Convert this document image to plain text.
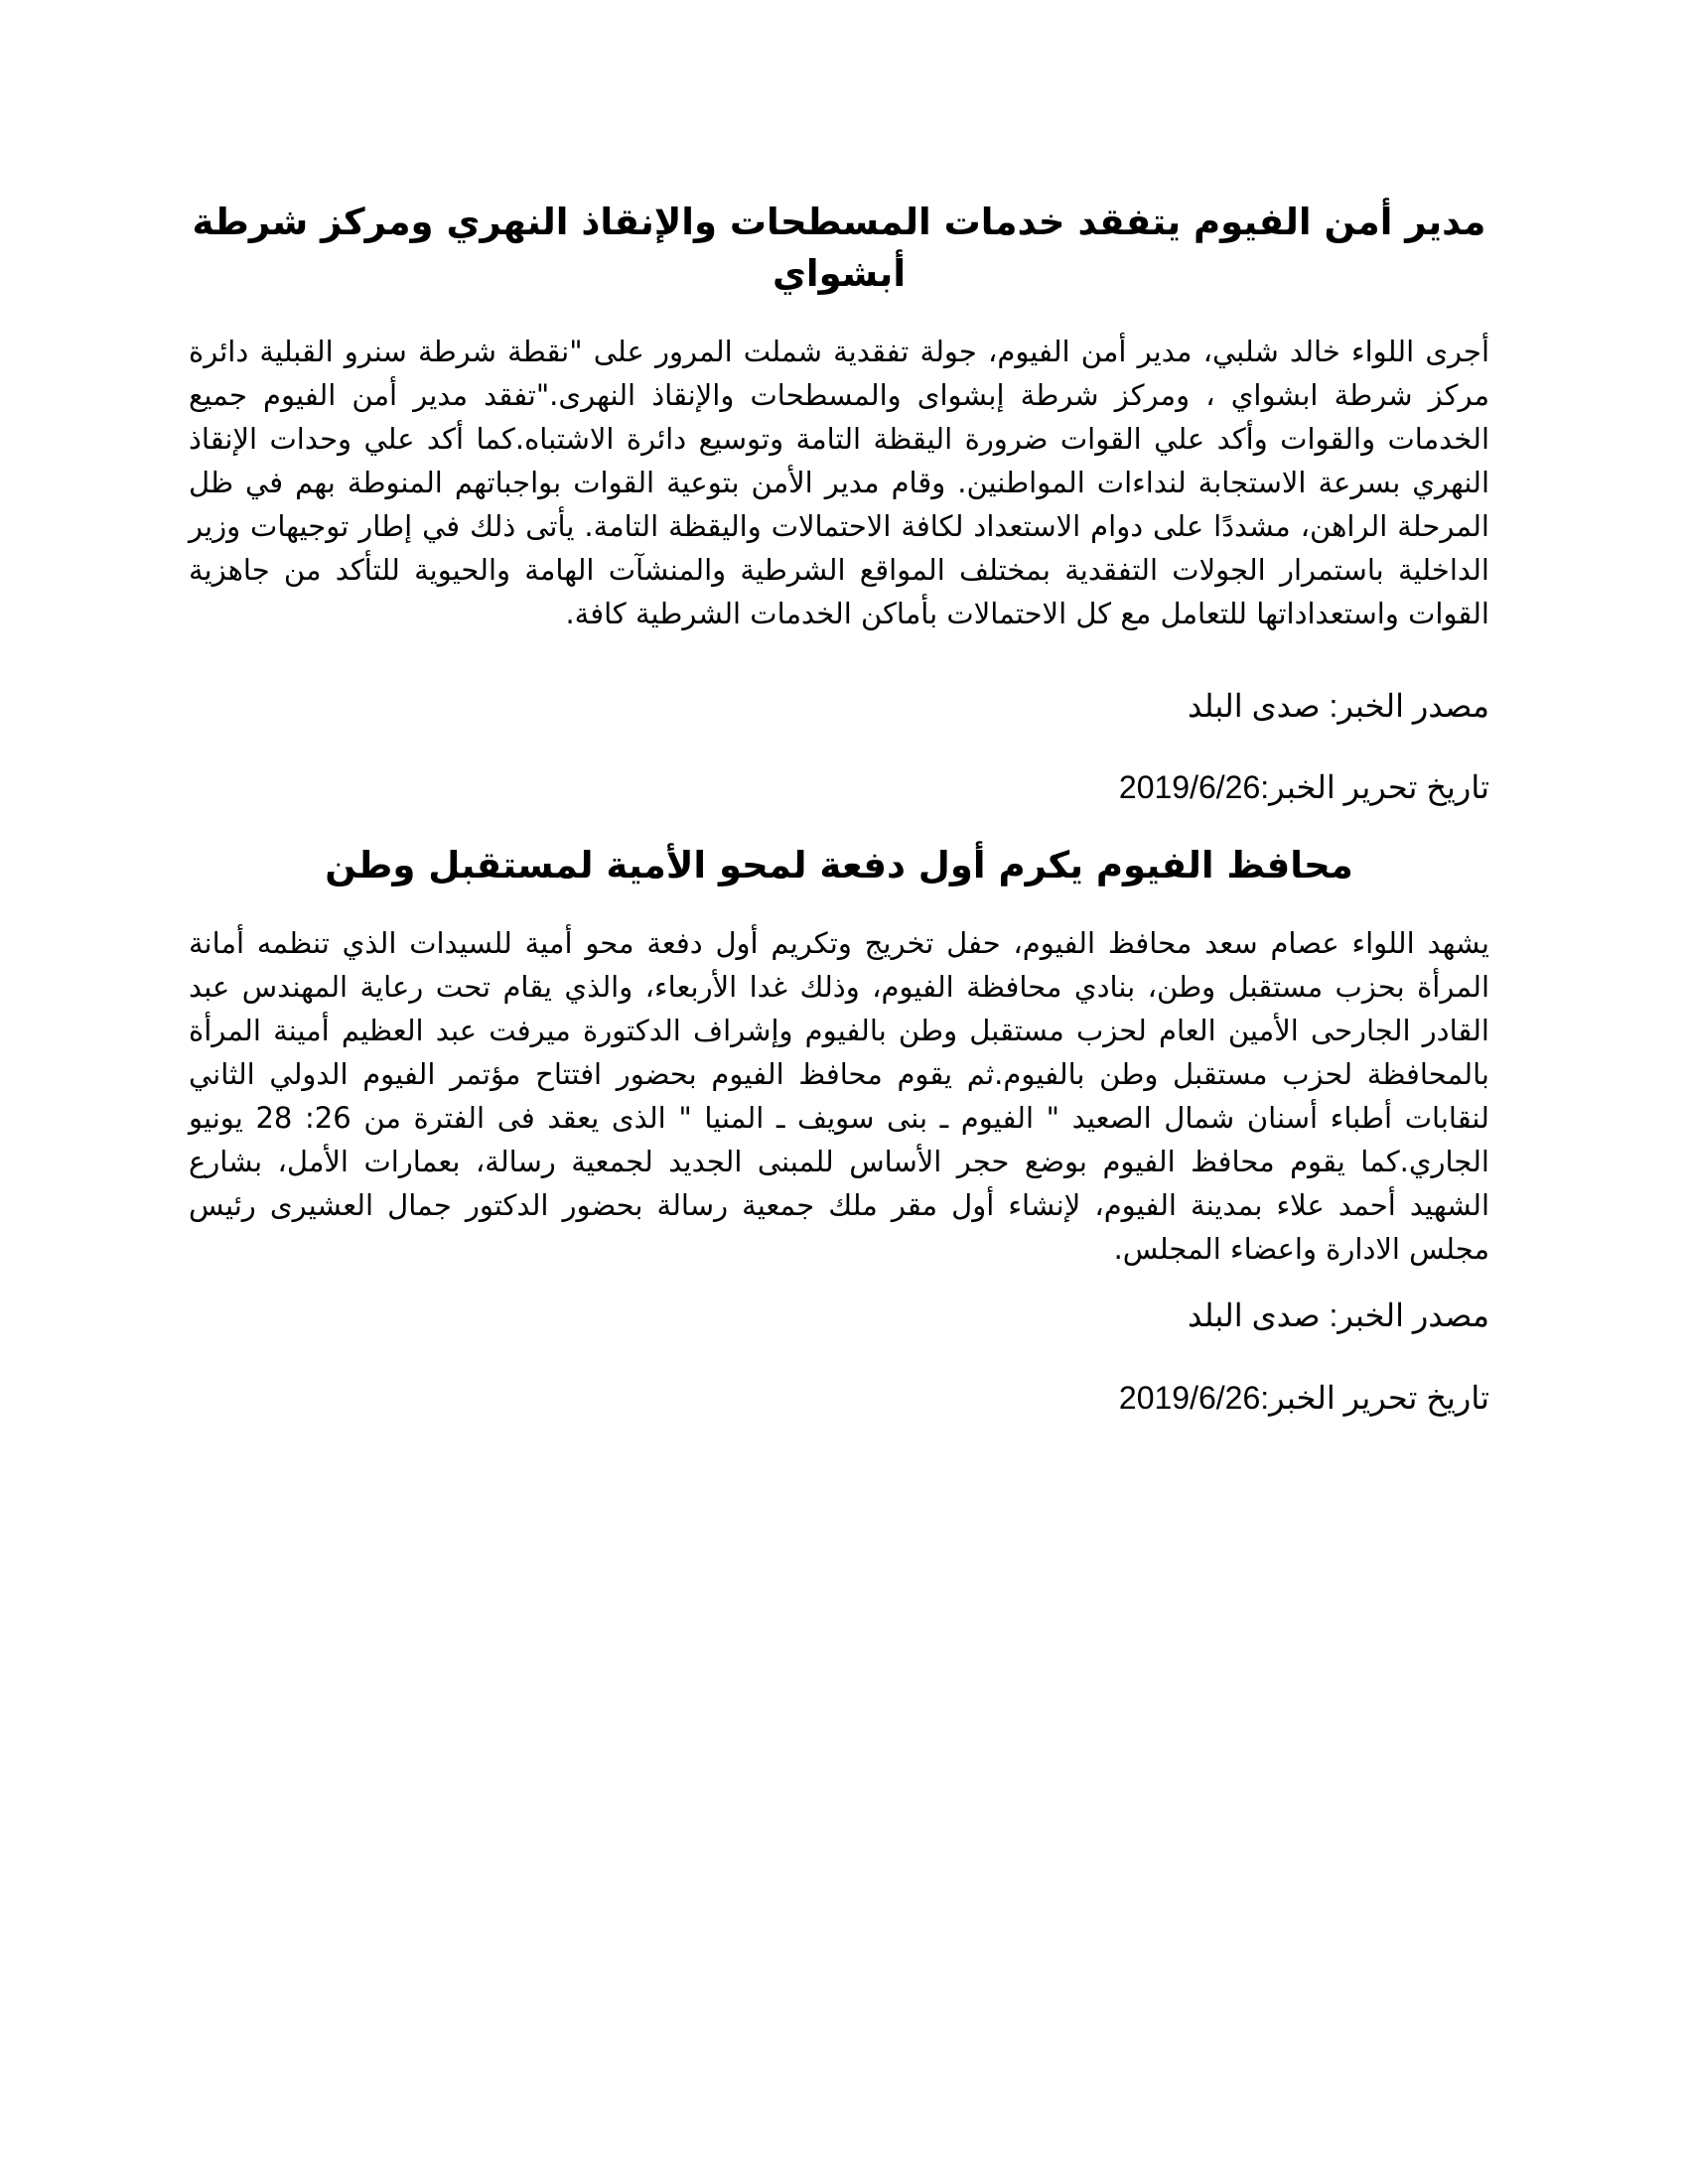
مدير أمن الفيوم يتفقد خدمات المسطحات والإنقاذ النهري ومركز شرطة أبشواي

أجرى اللواء خالد شلبي، مدير أمن الفيوم، جولة تفقدية شملت المرور على "نقطة شرطة سنرو القبلية دائرة مركز شرطة ابشواي ، ومركز شرطة إبشواى والمسطحات والإنقاذ النهرى."تفقد مدير أمن الفيوم جميع الخدمات والقوات وأكد علي القوات ضرورة اليقظة التامة وتوسيع دائرة الاشتباه.كما أكد علي وحدات الإنقاذ النهري بسرعة الاستجابة لنداءات المواطنين. وقام مدير الأمن بتوعية القوات بواجباتهم المنوطة بهم في ظل المرحلة الراهن، مشددًا على دوام الاستعداد لكافة الاحتمالات واليقظة التامة. يأتى ذلك في إطار توجيهات وزير الداخلية باستمرار الجولات التفقدية بمختلف المواقع الشرطية والمنشآت الهامة والحيوية للتأكد من جاهزية القوات واستعداداتها للتعامل مع كل الاحتمالات بأماكن الخدمات الشرطية كافة.

مصدر الخبر: صدى البلد

تاريخ تحرير الخبر:2019/6/26

محافظ الفيوم يكرم أول دفعة لمحو الأمية لمستقبل وطن

يشهد اللواء عصام سعد محافظ الفيوم، حفل تخريج وتكريم أول دفعة محو أمية للسيدات الذي تنظمه أمانة المرأة بحزب مستقبل وطن، بنادي محافظة الفيوم، وذلك غدا الأربعاء، والذي يقام تحت رعاية المهندس عبد القادر الجارحى الأمين العام لحزب مستقبل وطن بالفيوم وإشراف الدكتورة ميرفت عبد العظيم أمينة المرأة بالمحافظة لحزب مستقبل وطن بالفيوم.ثم يقوم محافظ الفيوم بحضور افتتاح مؤتمر الفيوم الدولي الثاني لنقابات أطباء أسنان شمال الصعيد " الفيوم ـ بنى سويف ـ المنيا " الذى يعقد فى الفترة من 26: 28 يونيو الجاري.كما يقوم محافظ الفيوم بوضع حجر الأساس للمبنى الجديد لجمعية رسالة، بعمارات الأمل، بشارع الشهيد أحمد علاء بمدينة الفيوم، لإنشاء أول مقر ملك جمعية رسالة بحضور الدكتور جمال العشيرى رئيس مجلس الادارة واعضاء المجلس.

مصدر الخبر: صدى البلد

تاريخ تحرير الخبر:2019/6/26
